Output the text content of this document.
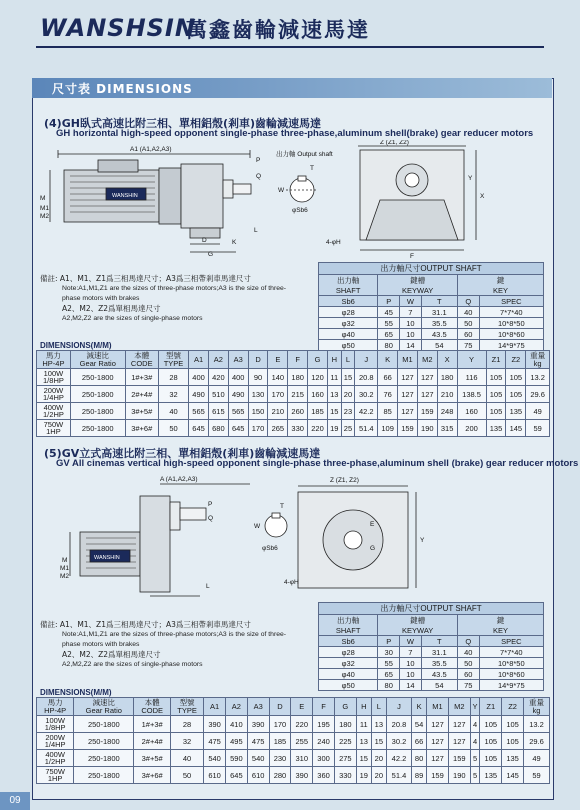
WANSHSIN
萬鑫齒輪減速馬達
尺寸表 DIMENSIONS
(4)GH臥式高速比附三相、單相鋁殼(剎車)齒輪減速馬達
GH horizontal high-speed opponent single-phase three-phase,aluminum shell(brake) gear reducer motors
A1 (A1,A2,A3)
P
Q
L
K
D
G
M
M1
M2
WANSHIN
出力軸 Output shaft
W
T
φSb6
Z (Z1, Z2)
X
Y
F
4-φH
備註: A1、M1、Z1爲三相馬達尺寸；A3爲三相帶剎車馬達尺寸
Note:A1,M1,Z1 are the sizes of three-phase motors;A3 is the size of three-phase motors with brakes
A2、M2、Z2爲單相馬達尺寸
A2,M2,Z2 are the sizes of single-phase motors
出力軸尺寸OUTPUT SHAFT					
出力軸
SHAFT	鍵槽
KEYWAY			鍵
KEY	
Sb6	P	W	T	Q	SPEC
φ28	45	7	31.1	40	7*7*40
φ32	55	10	35.5	50	10*8*50
φ40	65	10	43.5	60	10*8*60
φ50	80	14	54	75	14*9*75
DIMENSIONS(M/M)
馬力
HP-4P	減速比
Gear Ratio	本體
CODE	型號
TYPE	A1	A2	A3	D	E	F	G	H	L	J	K	M1	M2	X	Y	Z1	Z2	重量
kg
100W
1/8HP	250-1800	1#+3#	28	400	420	400	90	140	180	120	11	15	20.8	66	127	127	180	116	105	105	13.2
200W
1/4HP	250-1800	2#+4#	32	490	510	490	130	170	215	160	13	20	30.2	76	127	127	210	138.5	105	105	29.6
400W
1/2HP	250-1800	3#+5#	40	565	615	565	150	210	260	185	15	23	42.2	85	127	159	248	160	105	135	49
750W
1HP	250-1800	3#+6#	50	645	680	645	170	265	330	220	19	25	51.4	109	159	190	315	200	135	145	59
(5)GV立式高速比附三相、單相鋁殼(剎車)齒輪減速馬達
GV All cinemas vertical high-speed opponent single-phase three-phase,aluminum shell (brake) gear reducer motors
A (A1,A2,A3)
P
Q
L
M
M1
M2
WANSHIN
W
T
φSb6
Z (Z1, Z2)
Y
E
G
4-φH
備註: A1、M1、Z1爲三相馬達尺寸；A3爲三相帶剎車馬達尺寸
Note:A1,M1,Z1 are the sizes of three-phase motors;A3 is the size of three-phase motors with brakes
A2、M2、Z2爲單相馬達尺寸
A2,M2,Z2 are the sizes of single-phase motors
出力軸尺寸OUTPUT SHAFT					
出力軸
SHAFT	鍵槽
KEYWAY			鍵
KEY	
Sb6	P	W	T	Q	SPEC
φ28	30	7	31.1	40	7*7*40
φ32	55	10	35.5	50	10*8*50
φ40	65	10	43.5	60	10*8*60
φ50	80	14	54	75	14*9*75
DIMENSIONS(M/M)
馬力
HP-4P	減速比
Gear Ratio	本體
CODE	型號
TYPE	A1	A2	A3	D	E	F	G	H	L	J	K	M1	M2	Y	Z1	Z2	重量
kg
100W
1/8HP	250-1800	1#+3#	28	390	410	390	170	220	195	180	11	13	20.8	54	127	127	4	105	105	13.2
200W
1/4HP	250-1800	2#+4#	32	475	495	475	185	255	240	225	13	15	30.2	66	127	127	4	105	105	29.6
400W
1/2HP	250-1800	3#+5#	40	540	590	540	230	310	300	275	15	20	42.2	80	127	159	5	105	135	49
750W
1HP	250-1800	3#+6#	50	610	645	610	280	390	360	330	19	20	51.4	89	159	190	5	135	145	59
09
